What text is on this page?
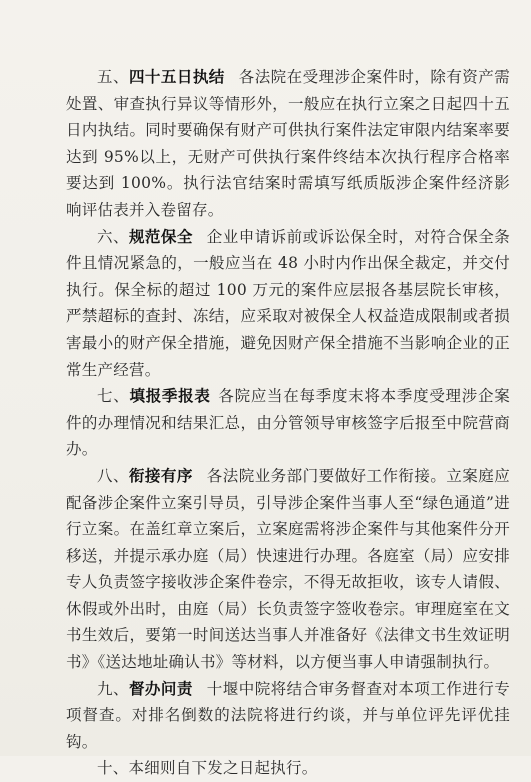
五、四十五日执结 各法院在受理涉企案件时，除有资产需处置、审查执行异议等情形外，一般应在执行立案之日起四十五日内执结。同时要确保有财产可供执行案件法定审限内结案率要达到 95%以上，无财产可供执行案件终结本次执行程序合格率要达到 100%。执行法官结案时需填写纸质版涉企案件经济影响评估表并入卷留存。

六、规范保全 企业申请诉前或诉讼保全时，对符合保全条件且情况紧急的，一般应当在 48 小时内作出保全裁定，并交付执行。保全标的超过 100 万元的案件应层报各基层院长审核，严禁超标的查封、冻结，应采取对被保全人权益造成限制或者损害最小的财产保全措施，避免因财产保全措施不当影响企业的正常生产经营。

七、填报季报表 各院应当在每季度末将本季度受理涉企案件的办理情况和结果汇总，由分管领导审核签字后报至中院营商办。

八、衔接有序 各法院业务部门要做好工作衔接。立案庭应配备涉企案件立案引导员，引导涉企案件当事人至“绿色通道”进行立案。在盖红章立案后，立案庭需将涉企案件与其他案件分开移送，并提示承办庭（局）快速进行办理。各庭室（局）应安排专人负责签字接收涉企案件卷宗，不得无故拒收，该专人请假、休假或外出时，由庭（局）长负责签字签收卷宗。审理庭室在文书生效后，要第一时间送达当事人并准备好《法律文书生效证明书》《送达地址确认书》等材料，以方便当事人申请强制执行。

九、督办问责 十堰中院将结合审务督查对本项工作进行专项督查。对排名倒数的法院将进行约谈，并与单位评先评优挂钩。

十、本细则自下发之日起执行。
